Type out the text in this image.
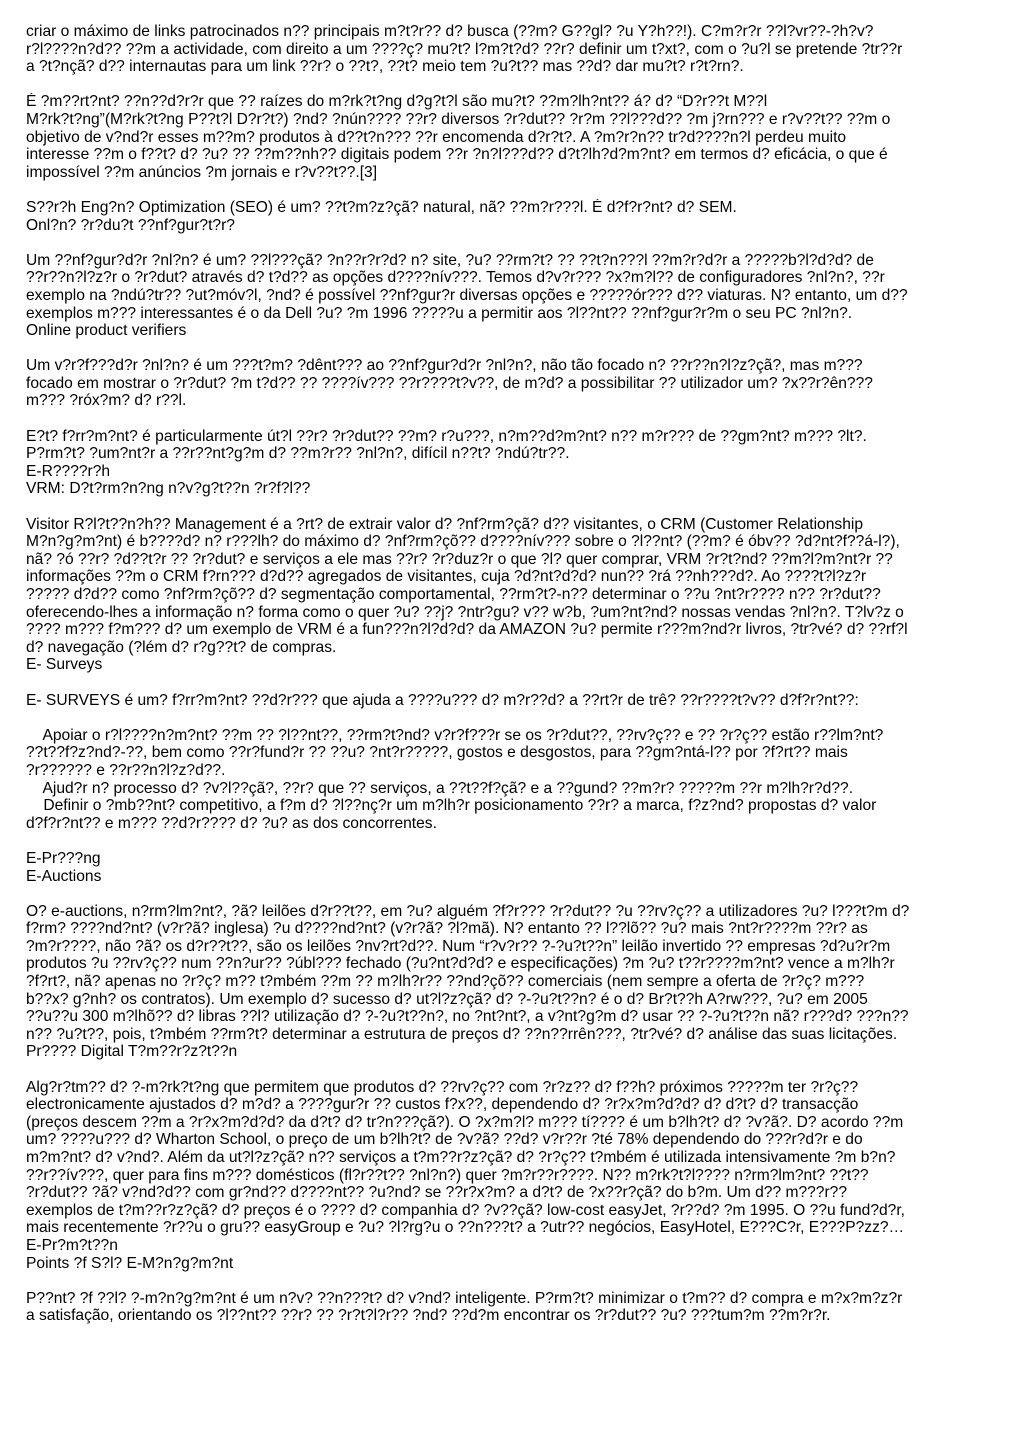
criar o máximo de links patrocinados n?? principais m?t?r?? d? busca (??m? G??gl? ?u Y?h??!). C?m?r?r ??l?vr??-?h?v?
r?l????n?d?? ??m a actividade, com direito a um ????ç? mu?t? l?m?t?d? ??r? definir um t?xt?, com o ?u?l se pretende ?tr??r
a ?t?nçã? d?? internautas para um link ??r? o ??t?, ??t? meio tem ?u?t?? mas ??d? dar mu?t? r?t?rn?.
É ?m??rt?nt? ??n??d?r?r que ?? raízes do m?rk?t?ng d?g?t?l são mu?t? ??m?lh?nt?? á? d? “D?r??t M??l
M?rk?t?ng”(M?rk?t?ng P??t?l D?r?t?) ?nd? ?nún???? ??r? diversos ?r?dut?? ?r?m ??l???d?? ?m j?rn??? e r?v??t?? ??m o
objetivo de v?nd?r esses m??m? produtos à d??t?n??? ??r encomenda d?r?t?. A ?m?r?n?? tr?d????n?l perdeu muito
interesse ??m o f??t? d? ?u? ?? ??m??nh?? digitais podem ??r ?n?l???d?? d?t?lh?d?m?nt? em termos d? eficácia, o que é
impossível ??m anúncios ?m jornais e r?v??t??.[3]
S??r?h Eng?n? Optimization (SEO) é um? ??t?m?z?çã? natural, nã? ??m?r???l. É d?f?r?nt? d? SEM.
Onl?n? ?r?du?t ??nf?gur?t?r?
Um ??nf?gur?d?r ?nl?n? é um? ??l???çã? ?n??r?r?d? n? site, ?u? ??rm?t? ?? ??t?n???l ??m?r?d?r a ?????b?l?d?d? de
??r??n?l?z?r o ?r?dut? através d? t?d?? as opções d????nív???. Temos d?v?r??? ?x?m?l?? de configuradores ?nl?n?, ??r
exemplo na ?ndú?tr?? ?ut?móv?l, ?nd? é possível ??nf?gur?r diversas opções e ?????ór??? d?? viaturas. N? entanto, um d??
exemplos m??? interessantes é o da Dell ?u? ?m 1996 ?????u a permitir aos ?l??nt?? ??nf?gur?r?m o seu PC ?nl?n?.
Online product verifiers
Um v?r?f???d?r ?nl?n? é um ???t?m? ?dênt??? ao ??nf?gur?d?r ?nl?n?, não tão focado n? ??r??n?l?z?çã?, mas m???
focado em mostrar o ?r?dut? ?m t?d?? ?? ????ív??? ??r????t?v??, de m?d? a possibilitar ?? utilizador um? ?x??r?ên???
m??? ?róx?m? d? r??l.
E?t? f?rr?m?nt? é particularmente út?l ??r? ?r?dut?? ??m? r?u???, n?m??d?m?nt? n?? m?r??? de ??gm?nt? m??? ?lt?.
P?rm?t? ?um?nt?r a ??r??nt?g?m d? ??m?r?? ?nl?n?, difícil n??t? ?ndú?tr??.
E-R????r?h
VRM: D?t?rm?n?ng n?v?g?t??n ?r?f?l??
Visitor R?l?t??n?h?? Management é a ?rt? de extrair valor d? ?nf?rm?çã? d?? visitantes, o CRM (Customer Relationship
M?n?g?m?nt) é b????d? n? r???lh? do máximo d? ?nf?rm?çõ?? d????nív??? sobre o ?l??nt? (??m? é óbv?? ?d?nt?f??á-l?),
nã? ?ó ??r? ?d??t?r ?? ?r?dut? e serviços a ele mas ??r? ?r?duz?r o que ?l? quer comprar, VRM ?r?t?nd? ??m?l?m?nt?r ??
informações ??m o CRM f?rn??? d?d?? agregados de visitantes, cuja ?d?nt?d?d? nun?? ?rá ??nh???d?. Ao ????t?l?z?r
????? d?d?? como ?nf?rm?çõ?? d? segmentação comportamental, ??rm?t?-n?? determinar o ??u ?nt?r???? n?? ?r?dut??
oferecendo-lhes a informação n? forma como o quer ?u? ??j? ?ntr?gu? v?? w?b, ?um?nt?nd? nossas vendas ?nl?n?. T?lv?z o
???? m??? f?m??? d? um exemplo de VRM é a fun???n?l?d?d? da AMAZON ?u? permite r???m?nd?r livros, ?tr?vé? d? ??rf?l
d? navegação (?lém d? r?g??t? de compras.
E- Surveys
E- SURVEYS é um? f?rr?m?nt? ??d?r??? que ajuda a ????u??? d? m?r??d? a ??rt?r de trê? ??r????t?v?? d?f?r?nt??:
Apoiar o r?l????n?m?nt? ??m ?? ?l??nt??, ??rm?t?nd? v?r?f???r se os ?r?dut??, ??rv?ç?? e ?? ?r?ç?? estão r??lm?nt?
??t??f?z?nd?-??, bem como ??r?fund?r ?? ??u? ?nt?r?????, gostos e desgostos, para ??gm?ntá-l?? por ?f?rt?? mais
?r?????? e ??r??n?l?z?d??.
Ajud?r n? processo d? ?v?l??çã?, ??r? que ?? serviços, a ??t??f?çã? e a ??gund? ??m?r? ?????m ??r m?lh?r?d??.
Definir o ?mb??nt? competitivo, a f?m d? ?l??nç?r um m?lh?r posicionamento ??r? a marca, f?z?nd? propostas d? valor
d?f?r?nt?? e m??? ??d?r???? d? ?u? as dos concorrentes.
E-Pr???ng
E-Auctions
O? e-auctions, n?rm?lm?nt?, ?ã? leilões d?r??t??, em ?u? alguém ?f?r??? ?r?dut?? ?u ??rv?ç?? a utilizadores ?u? l???t?m d?
f?rm? ????nd?nt? (v?r?ã? inglesa) ?u d????nd?nt? (v?r?ã? ?l?mã). N? entanto ?? l??lõ?? ?u? mais ?nt?r????m ??r? as
?m?r????, não ?ã? os d?r??t??, são os leilões ?nv?rt?d??. Num “r?v?r?? ?-?u?t??n” leilão invertido ?? empresas ?d?u?r?m
produtos ?u ??rv?ç?? num ??n?ur?? ?úbl??? fechado (?u?nt?d?d? e especificações) ?m ?u? t??r????m?nt? vence a m?lh?r
?f?rt?, nã? apenas no ?r?ç? m?? t?mbém ??m ?? m?lh?r?? ??nd?çõ?? comerciais (nem sempre a oferta de ?r?ç? m???
b??x? g?nh? os contratos). Um exemplo d? sucesso d? ut?l?z?çã? d? ?-?u?t??n? é o d? Br?t??h A?rw???, ?u? em 2005
??u??u 300 m?lhõ?? d? libras ??l? utilização d? ?-?u?t??n?, no ?nt?nt?, a v?nt?g?m d? usar ?? ?-?u?t??n nã? r???d? ???n??
n?? ?u?t??, pois, t?mbém ??rm?t? determinar a estrutura de preços d? ??n??rrên???, ?tr?vé? d? análise das suas licitações.
Pr???? Digital T?m??r?z?t??n
Alg?r?tm?? d? ?-m?rk?t?ng que permitem que produtos d? ??rv?ç?? com ?r?z?? d? f??h? próximos ?????m ter ?r?ç??
electronicamente ajustados d? m?d? a ????gur?r ?? custos f?x??, dependendo d? ?r?x?m?d?d? d? d?t? d? transacção
(preços descem ??m a ?r?x?m?d?d? da d?t? d? tr?n???çã?). O ?x?m?l? m??? tí???? é um b?lh?t? d? ?v?ã?. D? acordo ??m
um? ????u??? d? Wharton School, o preço de um b?lh?t? de ?v?ã? ??d? v?r??r ?té 78% dependendo do ???r?d?r e do
m?m?nt? d? v?nd?. Além da ut?l?z?çã? n?? serviços a t?m??r?z?çã? d? ?r?ç?? t?mbém é utilizada intensivamente ?m b?n?
??r??ív???, quer para fins m??? domésticos (fl?r??t?? ?nl?n?) quer ?m?r??r????. N?? m?rk?t?l???? n?rm?lm?nt? ??t??
?r?dut?? ?ã? v?nd?d?? com gr?nd?? d????nt?? ?u?nd? se ??r?x?m? a d?t? de ?x??r?çã? do b?m. Um d?? m???r??
exemplos de t?m??r?z?çã? d? preços é o ???? d? companhia d? ?v??çã? low-cost easyJet, ?r??d? ?m 1995. O ??u fund?d?r,
mais recentemente ?r??u o gru?? easyGroup e ?u? ?l?rg?u o ??n???t? a ?utr?? negócios, EasyHotel, E???C?r, E???P?zz?…
E-Pr?m?t??n
Points ?f S?l? E-M?n?g?m?nt
P??nt? ?f ??l? ?-m?n?g?m?nt é um n?v? ??n???t? d? v?nd? inteligente. P?rm?t? minimizar o t?m?? d? compra e m?x?m?z?r
a satisfação, orientando os ?l??nt?? ??r? ?? ?r?t?l?r?? ?nd? ??d?m encontrar os ?r?dut?? ?u? ???tum?m ??m?r?r.
